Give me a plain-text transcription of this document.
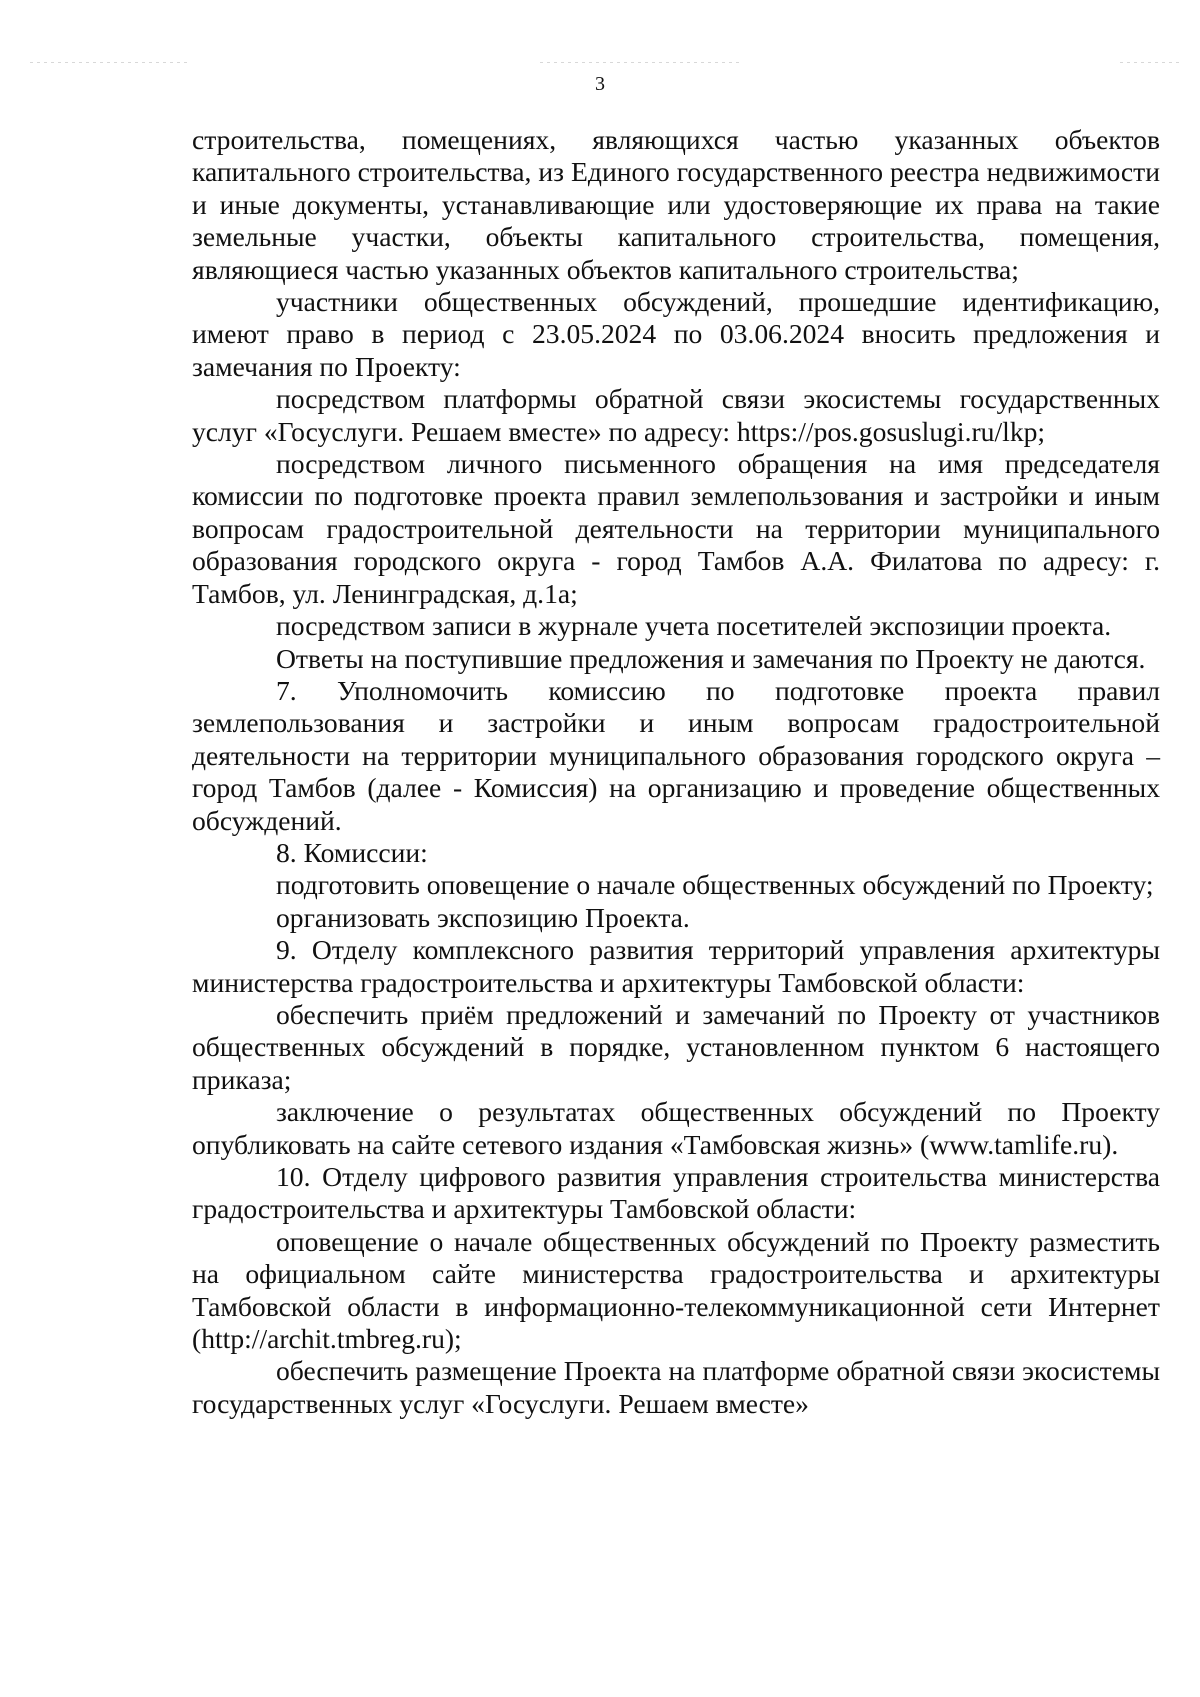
3

строительства, помещениях, являющихся частью указанных объектов капитального строительства, из Единого государственного реестра недвижимости и иные документы, устанавливающие или удостоверяющие их права на такие земельные участки, объекты капитального строительства, помещения, являющиеся частью указанных объектов капитального строительства;

участники общественных обсуждений, прошедшие идентификацию, имеют право в период с 23.05.2024 по 03.06.2024 вносить предложения и замечания по Проекту:

посредством платформы обратной связи экосистемы государственных услуг «Госуслуги. Решаем вместе» по адресу: https://pos.gosuslugi.ru/lkp;

посредством личного письменного обращения на имя председателя комиссии по подготовке проекта правил землепользования и застройки и иным вопросам градостроительной деятельности на территории муниципального образования городского округа - город Тамбов А.А. Филатова по адресу: г. Тамбов, ул. Ленинградская, д.1а;

посредством записи в журнале учета посетителей экспозиции проекта.

Ответы на поступившие предложения и замечания по Проекту не даются.

7. Уполномочить комиссию по подготовке проекта правил землепользования и застройки и иным вопросам градостроительной деятельности на территории муниципального образования городского округа – город Тамбов (далее - Комиссия) на организацию и проведение общественных обсуждений.

8. Комиссии:

подготовить оповещение о начале общественных обсуждений по Проекту;

организовать экспозицию Проекта.

9. Отделу комплексного развития территорий управления архитектуры министерства градостроительства и архитектуры Тамбовской области:

обеспечить приём предложений и замечаний по Проекту от участников общественных обсуждений в порядке, установленном пунктом 6 настоящего приказа;

заключение о результатах общественных обсуждений по Проекту опубликовать на сайте сетевого издания «Тамбовская жизнь» (www.tamlife.ru).

10. Отделу цифрового развития управления строительства министерства градостроительства и архитектуры Тамбовской области:

оповещение о начале общественных обсуждений по Проекту разместить на официальном сайте министерства градостроительства и архитектуры Тамбовской области в информационно-телекоммуникационной сети Интернет (http://archit.tmbreg.ru);

обеспечить размещение Проекта на платформе обратной связи экосистемы государственных услуг «Госуслуги. Решаем вместе»
